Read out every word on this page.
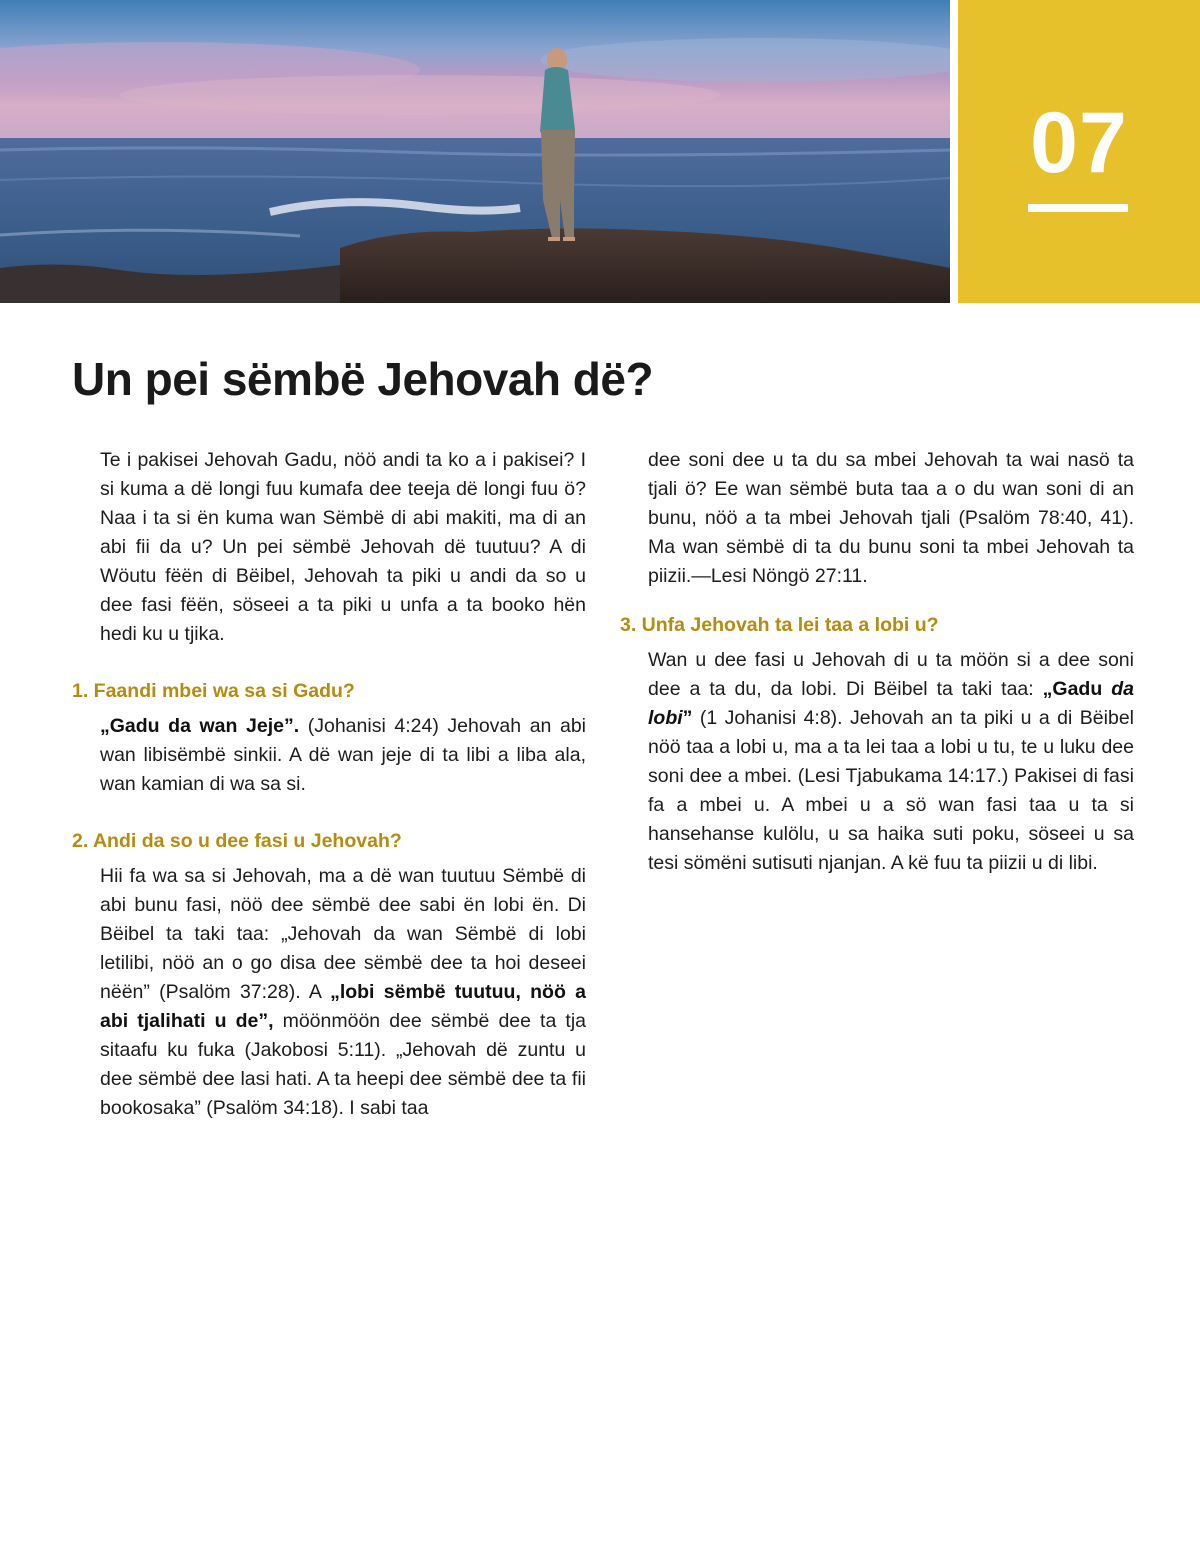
07
Un pei sëmbë Jehovah dë?

Te i pakisei Jehovah Gadu, nöö andi ta ko a i pakisei? I si kuma a dë longi fuu kumafa dee teeja dë longi fuu ö? Naa i ta si ën kuma wan Sëmbë di abi makiti, ma di an abi fii da u? Un pei sëmbë Jehovah dë tuutuu? A di Wöutu fëën di Bëibel, Jehovah ta piki u andi da so u dee fasi fëën, söseei a ta piki u unfa a ta booko hën hedi ku u tjika.

1. Faandi mbei wa sa si Gadu?

„Gadu da wan Jeje”. (Johanisi 4:24) Jehovah an abi wan libisëmbë sinkii. A dë wan jeje di ta libi a liba ala, wan kamian di wa sa si.

2. Andi da so u dee fasi u Jehovah?

Hii fa wa sa si Jehovah, ma a dë wan tuutuu Sëmbë di abi bunu fasi, nöö dee sëmbë dee sabi ën lobi ën. Di Bëibel ta taki taa: „Jehovah da wan Sëmbë di lobi letilibi, nöö an o go disa dee sëmbë dee ta hoi deseei nëën” (Psalöm 37:28). A „lobi sëmbë tuutuu, nöö a abi tjalihati u de”, möönmöön dee sëmbë dee ta tja sitaafu ku fuka (Jakobosi 5:11). „Jehovah dë zuntu u dee sëmbë dee lasi hati. A ta heepi dee sëmbë dee ta fii bookosaka” (Psalöm 34:18). I sabi taa

dee soni dee u ta du sa mbei Jehovah ta wai nasö ta tjali ö? Ee wan sëmbë buta taa a o du wan soni di an bunu, nöö a ta mbei Jehovah tjali (Psalöm 78:40, 41). Ma wan sëmbë di ta du bunu soni ta mbei Jehovah ta piizii.—Lesi Nöngö 27:11.

3. Unfa Jehovah ta lei taa a lobi u?

Wan u dee fasi u Jehovah di u ta möön si a dee soni dee a ta du, da lobi. Di Bëibel ta taki taa: „Gadu da lobi” (1 Johanisi 4:8). Jehovah an ta piki u a di Bëibel nöö taa a lobi u, ma a ta lei taa a lobi u tu, te u luku dee soni dee a mbei. (Lesi Tjabukama 14:17.) Pakisei di fasi fa a mbei u. A mbei u a sö wan fasi taa u ta si hansehanse kulölu, u sa haika suti poku, söseei u sa tesi sömëni sutisuti njanjan. A kë fuu ta piizii u di libi.
